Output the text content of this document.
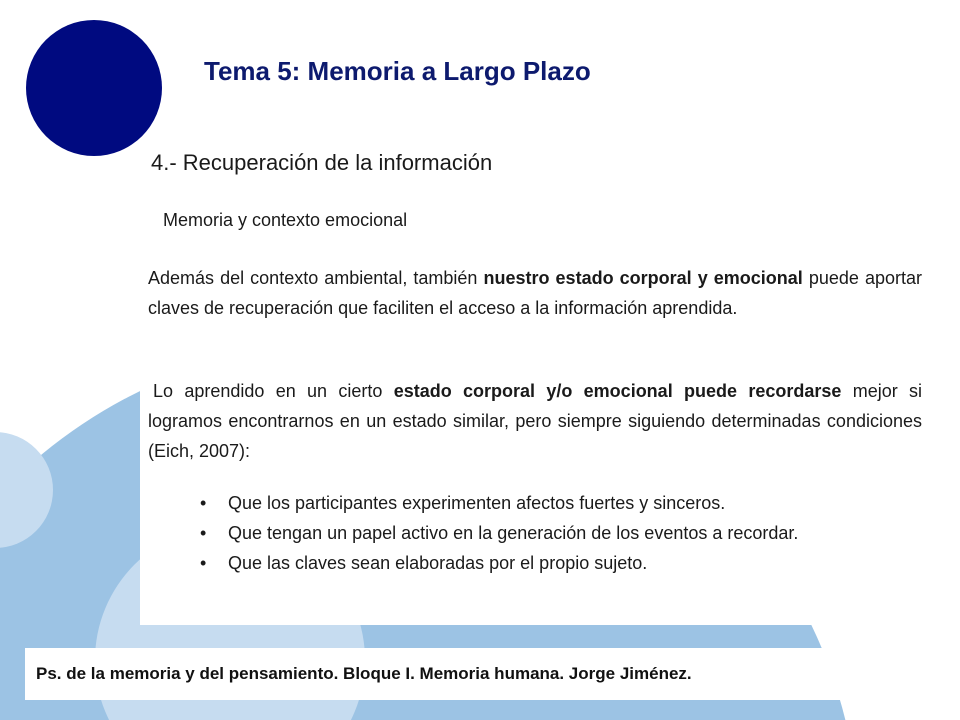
Tema 5: Memoria a Largo Plazo
4.- Recuperación de la información
Memoria y contexto emocional

Además del contexto ambiental, también nuestro estado corporal y emocional puede aportar claves de recuperación que faciliten el acceso a la información aprendida.

Lo aprendido en un cierto estado corporal y/o emocional puede recordarse mejor si logramos encontrarnos en un estado similar, pero siempre siguiendo determinadas condiciones (Eich, 2007):

• Que los participantes experimenten afectos fuertes y sinceros.
• Que tengan un papel activo en la generación de los eventos a recordar.
• Que las claves sean elaboradas por el propio sujeto.
Ps. de la memoria y del pensamiento. Bloque I. Memoria humana. Jorge Jiménez.
